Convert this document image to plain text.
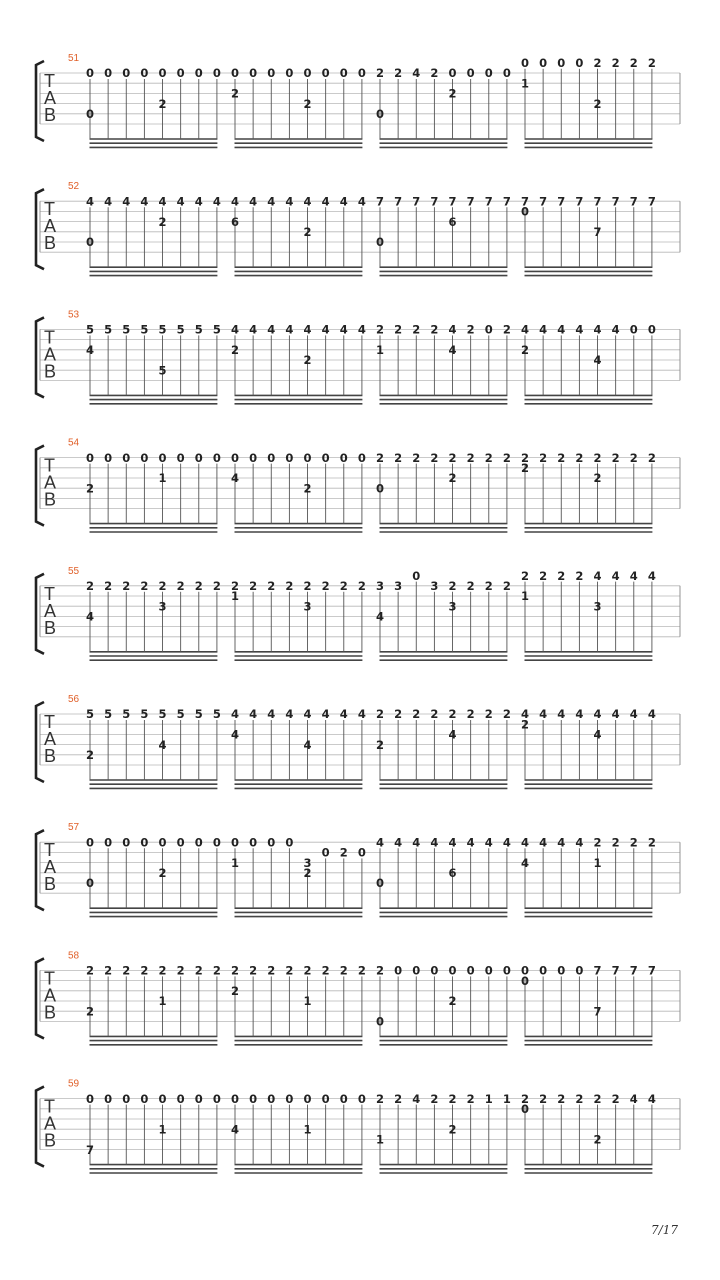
51
T
A
B
0
0
0 0 0 0
2
0 0 0 0
2
0 0 0 0
2
0 0 0 2
0
2 4 2 0
2
0 0 0
0
1
0 0 0 2
2
2 2 2
52
T
A
B
4
0
4 4 4 4
2
4 4 4 4
6
4 4 4 4
2
4 4 4 7
0
7 7 7 7
6
7 7 7 7
0
7 7 7 7
7
7 7 7
53
T
A
B
5
4
5 5 5 5
5
5 5 5 4
2
4 4 4 4
2
4 4 4 2
1
2 2 2 4
4
2 0 2 4
2
4 4 4 4
4
4 0 0
54
T
A
B
0
2
0 0 0 0
1
0 0 0 0
4
0 0 0 0
2
0 0 0 2
0
2 2 2 2
2
2 2 2 2
2
2 2 2 2
2
2 2 2
55
T
A
B
2
4
2 2 2 2
3
2 2 2 2
1
2 2 2 2
3
2 2 2 3
4
3
0
3 2
3
2 2 2
2
1
2 2 2 4
3
4 4 4
56
T
A
B
5
2
5 5 5 5
4
5 5 5 4
4
4 4 4 4
4
4 4 4 2
2
2 2 2 2
4
2 2 2 4
2
4 4 4 4
4
4 4 4
57
T
A
B
0
0
0 0 0 0
2
0 0 0 0
1
0 0 0
3
2
0 2 0
4
0
4 4 4 4
6
4 4 4 4
4
4 4 4 2
1
2 2 2
58
T
A
B
2
2
2 2 2 2
1
2 2 2 2
2
2 2 2 2
1
2 2 2 2
0
0 0 0 0
2
0 0 0 0
0
0 0 0 7
7
7 7 7
59
T
A
B
0
7
0 0 0 0
1
0 0 0 0
4
0 0 0 0
1
0 0 0 2
1
2 4 2 2
2
2 1 1 2
0
2 2 2 2
2
2 4 4
7/17
